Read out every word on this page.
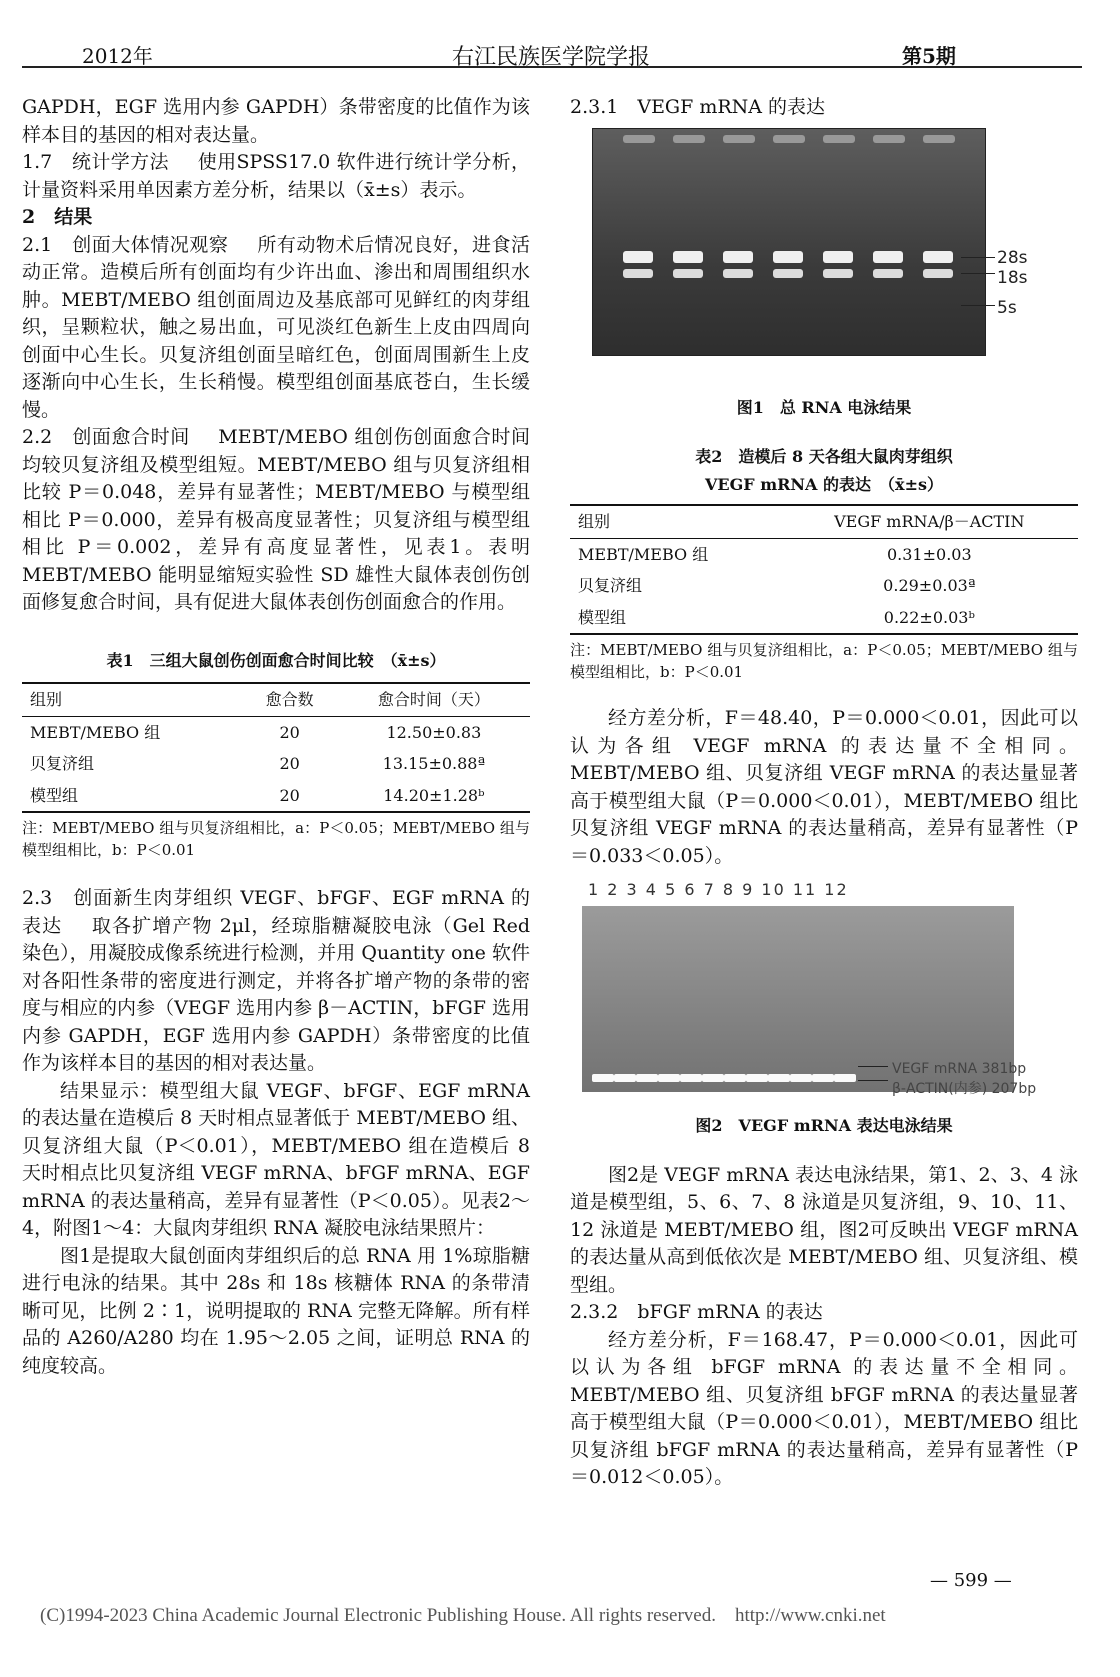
2012年	右江民族医学院学报	第5期

GAPDH，EGF 选用内参 GAPDH）条带密度的比值作为该样本目的基因的相对表达量。

1.7　统计学方法 使用SPSS17.0 软件进行统计学分析，计量资料采用单因素方差分析，结果以（x̄±s）表示。

2　结果

2.1　创面大体情况观察 所有动物术后情况良好，进食活动正常。造模后所有创面均有少许出血、渗出和周围组织水肿。MEBT/MEBO 组创面周边及基底部可见鲜红的肉芽组织，呈颗粒状，触之易出血，可见淡红色新生上皮由四周向创面中心生长。贝复济组创面呈暗红色，创面周围新生上皮逐渐向中心生长，生长稍慢。模型组创面基底苍白，生长缓慢。

2.2　创面愈合时间 MEBT/MEBO 组创伤创面愈合时间均较贝复济组及模型组短。MEBT/MEBO 组与贝复济组相比较 P＝0.048，差异有显著性；MEBT/MEBO 与模型组相比 P＝0.000，差异有极高度显著性；贝复济组与模型组相比 P＝0.002，差异有高度显著性，见表1。表明 MEBT/MEBO 能明显缩短实验性 SD 雄性大鼠体表创伤创面修复愈合时间，具有促进大鼠体表创伤创面愈合的作用。

表1　三组大鼠创伤创面愈合时间比较　（x̄±s）
组别	愈合数	愈合时间（天）
MEBT/MEBO 组	20	12.50±0.83
贝复济组	20	13.15±0.88ª
模型组	20	14.20±1.28ᵇ

注：MEBT/MEBO 组与贝复济组相比，a：P＜0.05；MEBT/MEBO 组与模型组相比，b：P＜0.01

2.3　创面新生肉芽组织 VEGF、bFGF、EGF mRNA 的表达 取各扩增产物 2μl，经琼脂糖凝胶电泳（Gel Red 染色），用凝胶成像系统进行检测，并用 Quantity one 软件对各阳性条带的密度进行测定，并将各扩增产物的条带的密度与相应的内参（VEGF 选用内参 β－ACTIN，bFGF 选用内参 GAPDH，EGF 选用内参 GAPDH）条带密度的比值作为该样本目的基因的相对表达量。

结果显示：模型组大鼠 VEGF、bFGF、EGF mRNA 的表达量在造模后 8 天时相点显著低于 MEBT/MEBO 组、贝复济组大鼠（P＜0.01），MEBT/MEBO 组在造模后 8 天时相点比贝复济组 VEGF mRNA、bFGF mRNA、EGF mRNA 的表达量稍高，差异有显著性（P＜0.05）。见表2～4，附图1～4：大鼠肉芽组织 RNA 凝胶电泳结果照片：

图1是提取大鼠创面肉芽组织后的总 RNA 用 1%琼脂糖进行电泳的结果。其中 28s 和 18s 核糖体 RNA 的条带清晰可见，比例 2∶1，说明提取的 RNA 完整无降解。所有样品的 A260/A280 均在 1.95～2.05 之间，证明总 RNA 的纯度较高。

2.3.1　VEGF mRNA 的表达

28s
18s
5s
图1　总 RNA 电泳结果
表2　造模后 8 天各组大鼠肉芽组织
VEGF mRNA 的表达　（x̄±s）
组别	VEGF mRNA/β－ACTIN
MEBT/MEBO 组	0.31±0.03
贝复济组	0.29±0.03ª
模型组	0.22±0.03ᵇ

注：MEBT/MEBO 组与贝复济组相比，a：P＜0.05；MEBT/MEBO 组与模型组相比，b：P＜0.01

经方差分析，F＝48.40，P＝0.000＜0.01，因此可以认为各组 VEGF mRNA 的表达量不全相同。MEBT/MEBO 组、贝复济组 VEGF mRNA 的表达量显著高于模型组大鼠（P＝0.000＜0.01），MEBT/MEBO 组比贝复济组 VEGF mRNA 的表达量稍高，差异有显著性（P＝0.033＜0.05）。

1 2 3 4 5 6 7 8 9 10 11 12
VEGF mRNA 381bp
β-ACTIN(内参) 207bp
图2　VEGF mRNA 表达电泳结果

图2是 VEGF mRNA 表达电泳结果，第1、2、3、4 泳道是模型组，5、6、7、8 泳道是贝复济组，9、10、11、12 泳道是 MEBT/MEBO 组，图2可反映出 VEGF mRNA 的表达量从高到低依次是 MEBT/MEBO 组、贝复济组、模型组。

2.3.2　bFGF mRNA 的表达

经方差分析，F＝168.47，P＝0.000＜0.01，因此可以认为各组 bFGF mRNA 的表达量不全相同。MEBT/MEBO 组、贝复济组 bFGF mRNA 的表达量显著高于模型组大鼠（P＝0.000＜0.01），MEBT/MEBO 组比贝复济组 bFGF mRNA 的表达量稍高，差异有显著性（P＝0.012＜0.05）。

— 599 —
(C)1994-2023 China Academic Journal Electronic Publishing House. All rights reserved.　http://www.cnki.net
